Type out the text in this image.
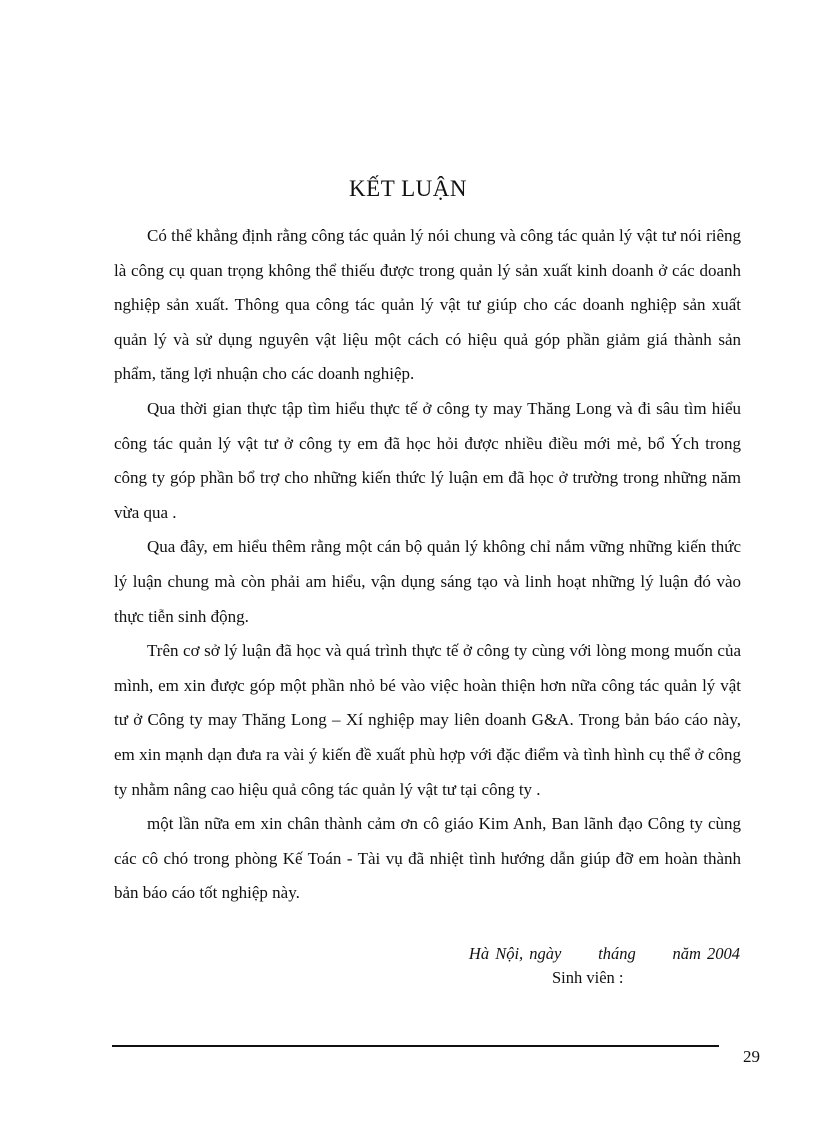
KẾT LUẬN

Có thể khẳng định rằng công tác quản lý nói chung và công tác quản lý vật tư nói riêng là công cụ quan trọng không thể thiếu được trong quản lý sản xuất kinh doanh ở các doanh nghiệp sản xuất. Thông qua công tác quản lý vật tư giúp cho các doanh nghiệp sản xuất quản lý và sử dụng nguyên vật liệu một cách có hiệu quả góp phần giảm giá thành sản phẩm, tăng lợi nhuận cho các doanh nghiệp.

Qua thời gian thực tập tìm hiểu thực tế ở công ty may Thăng Long và đi sâu tìm hiểu công tác quản lý vật tư ở công ty em đã học hỏi được nhiều điều mới mẻ, bổ Ých trong công ty góp phần bổ trợ cho những kiến thức lý luận em đã học ở trường trong những năm vừa qua .

Qua đây, em hiểu thêm rằng một cán bộ quản lý không chỉ nắm vững những kiến thức lý luận chung mà còn phải am hiểu, vận dụng sáng tạo và linh hoạt những lý luận đó vào thực tiễn sinh động.

Trên cơ sở lý luận đã học và quá trình thực tế ở công ty cùng với lòng mong muốn của mình, em xin được góp một phần nhỏ bé vào việc hoàn thiện hơn nữa công tác quản lý vật tư ở Công ty may Thăng Long – Xí nghiệp may liên doanh G&A. Trong bản báo cáo này, em xin mạnh dạn đưa ra vài ý kiến đề xuất phù hợp với đặc điểm và tình hình cụ thể ở công ty nhằm nâng cao hiệu quả công tác quản lý vật tư tại công ty .

một lần nữa em xin chân thành cảm ơn cô giáo Kim Anh, Ban lãnh đạo Công ty cùng các cô chó trong phòng Kế Toán - Tài vụ đã nhiệt tình hướng dẫn giúp đỡ em hoàn thành bản báo cáo tốt nghiệp này.

Hà Nội, ngày      tháng      năm 2004
Sinh viên :
29
